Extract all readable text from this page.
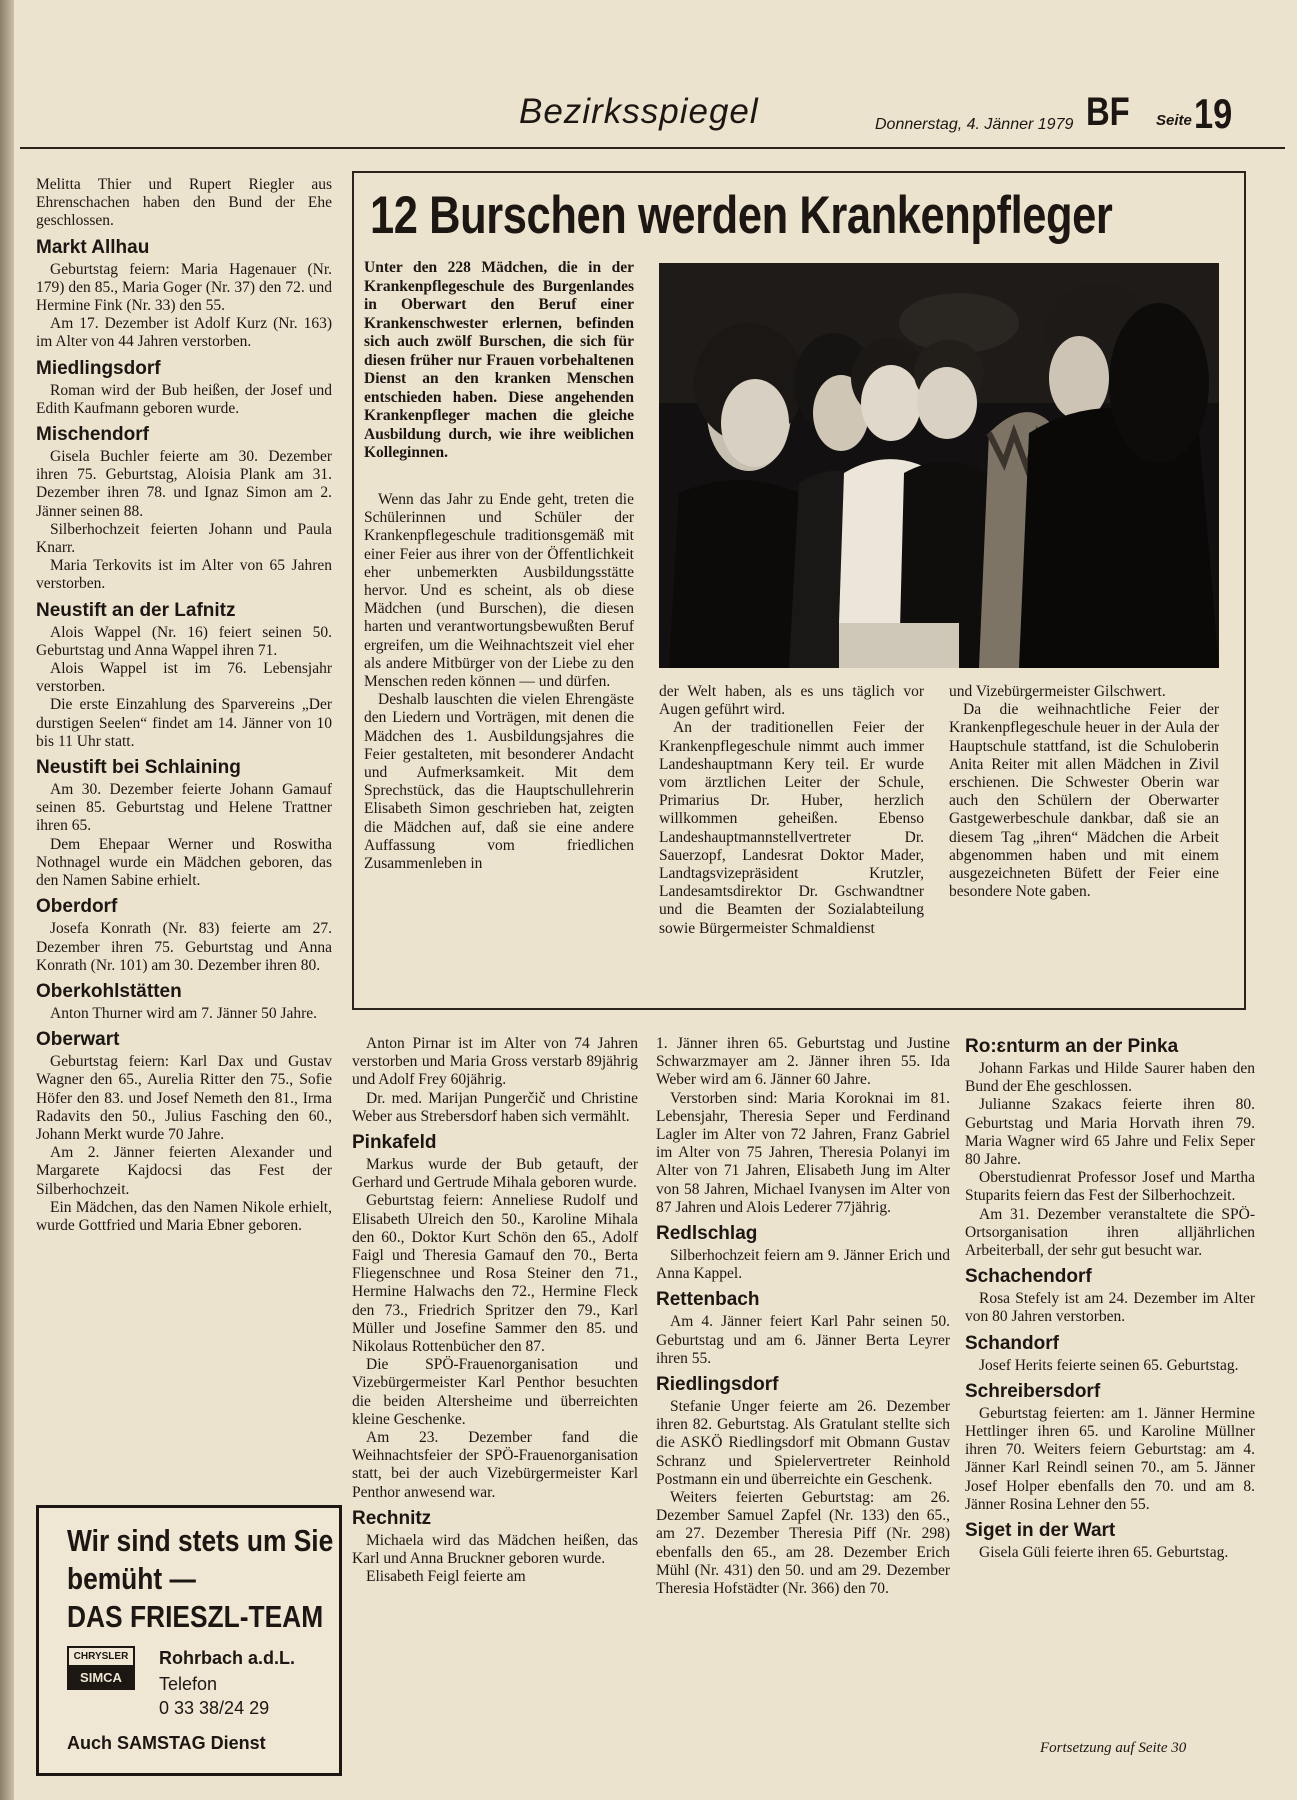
Bezirksspiegel	Donnerstag, 4. Jänner 1979 BF Seite 19

Melitta Thier und Rupert Riegler aus Ehrenschachen haben den Bund der Ehe geschlossen.

Markt Allhau

Geburtstag feiern: Maria Hagenauer (Nr. 179) den 85., Maria Goger (Nr. 37) den 72. und Hermine Fink (Nr. 33) den 55.

Am 17. Dezember ist Adolf Kurz (Nr. 163) im Alter von 44 Jahren verstorben.

Miedlingsdorf

Roman wird der Bub heißen, der Josef und Edith Kaufmann geboren wurde.

Mischendorf

Gisela Buchler feierte am 30. Dezember ihren 75. Geburtstag, Aloisia Plank am 31. Dezember ihren 78. und Ignaz Simon am 2. Jänner seinen 88.

Silberhochzeit feierten Johann und Paula Knarr.

Maria Terkovits ist im Alter von 65 Jahren verstorben.

Neustift an der Lafnitz

Alois Wappel (Nr. 16) feiert seinen 50. Geburtstag und Anna Wappel ihren 71.

Alois Wappel ist im 76. Lebensjahr verstorben.

Die erste Einzahlung des Sparvereins „Der durstigen Seelen“ findet am 14. Jänner von 10 bis 11 Uhr statt.

Neustift bei Schlaining

Am 30. Dezember feierte Johann Gamauf seinen 85. Geburtstag und Helene Trattner ihren 65.

Dem Ehepaar Werner und Roswitha Nothnagel wurde ein Mädchen geboren, das den Namen Sabine erhielt.

Oberdorf

Josefa Konrath (Nr. 83) feierte am 27. Dezember ihren 75. Geburtstag und Anna Konrath (Nr. 101) am 30. Dezember ihren 80.

Oberkohlstätten

Anton Thurner wird am 7. Jänner 50 Jahre.

Oberwart

Geburtstag feiern: Karl Dax und Gustav Wagner den 65., Aurelia Ritter den 75., Sofie Höfer den 83. und Josef Nemeth den 81., Irma Radavits den 50., Julius Fasching den 60., Johann Merkt wurde 70 Jahre.

Am 2. Jänner feierten Alexander und Margarete Kajdocsi das Fest der Silberhochzeit.

Ein Mädchen, das den Namen Nikole erhielt, wurde Gottfried und Maria Ebner geboren.

12 Burschen werden Krankenpfleger
Unter den 228 Mädchen, die in der Krankenpflegeschule des Burgenlandes in Oberwart den Beruf einer Krankenschwester erlernen, befinden sich auch zwölf Burschen, die sich für diesen früher nur Frauen vorbehaltenen Dienst an den kranken Menschen entschieden haben. Diese angehenden Krankenpfleger machen die gleiche Ausbildung durch, wie ihre weiblichen Kolleginnen.

Wenn das Jahr zu Ende geht, treten die Schülerinnen und Schüler der Krankenpflegeschule traditionsgemäß mit einer Feier aus ihrer von der Öffentlichkeit eher unbemerkten Ausbildungsstätte hervor. Und es scheint, als ob diese Mädchen (und Burschen), die diesen harten und verantwortungsbewußten Beruf ergreifen, um die Weihnachtszeit viel eher als andere Mitbürger von der Liebe zu den Menschen reden können — und dürfen.

Deshalb lauschten die vielen Ehrengäste den Liedern und Vorträgen, mit denen die Mädchen des 1. Ausbildungsjahres die Feier gestalteten, mit besonderer Andacht und Aufmerksamkeit. Mit dem Sprechstück, das die Hauptschullehrerin Elisabeth Simon geschrieben hat, zeigten die Mädchen auf, daß sie eine andere Auffassung vom friedlichen Zusammenleben in

der Welt haben, als es uns täglich vor Augen geführt wird.

An der traditionellen Feier der Krankenpflegeschule nimmt auch immer Landeshauptmann Kery teil. Er wurde vom ärztlichen Leiter der Schule, Primarius Dr. Huber, herzlich willkommen geheißen. Ebenso Landeshauptmannstellvertreter Dr. Sauerzopf, Landesrat Doktor Mader, Landtagsvizepräsident Krutzler, Landesamtsdirektor Dr. Gschwandtner und die Beamten der Sozialabteilung sowie Bürgermeister Schmaldienst

und Vizebürgermeister Gilschwert.

Da die weihnachtliche Feier der Krankenpflegeschule heuer in der Aula der Hauptschule stattfand, ist die Schuloberin Anita Reiter mit allen Mädchen in Zivil erschienen. Die Schwester Oberin war auch den Schülern der Oberwarter Gastgewerbeschule dankbar, daß sie an diesem Tag „ihren“ Mädchen die Arbeit abgenommen haben und mit einem ausgezeichneten Büfett der Feier eine besondere Note gaben.

Anton Pirnar ist im Alter von 74 Jahren verstorben und Maria Gross verstarb 89jährig und Adolf Frey 60jährig.

Dr. med. Marijan Pungerčič und Christine Weber aus Strebersdorf haben sich vermählt.

Pinkafeld

Markus wurde der Bub getauft, der Gerhard und Gertrude Mihala geboren wurde.

Geburtstag feiern: Anneliese Rudolf und Elisabeth Ulreich den 50., Karoline Mihala den 60., Doktor Kurt Schön den 65., Adolf Faigl und Theresia Gamauf den 70., Berta Fliegenschnee und Rosa Steiner den 71., Hermine Halwachs den 72., Hermine Fleck den 73., Friedrich Spritzer den 79., Karl Müller und Josefine Sammer den 85. und Nikolaus Rottenbücher den 87.

Die SPÖ-Frauenorganisation und Vizebürgermeister Karl Penthor besuchten die beiden Altersheime und überreichten kleine Geschenke.

Am 23. Dezember fand die Weihnachtsfeier der SPÖ-Frauenorganisation statt, bei der auch Vizebürgermeister Karl Penthor anwesend war.

Rechnitz

Michaela wird das Mädchen heißen, das Karl und Anna Bruckner geboren wurde.

Elisabeth Feigl feierte am

1. Jänner ihren 65. Geburtstag und Justine Schwarzmayer am 2. Jänner ihren 55. Ida Weber wird am 6. Jänner 60 Jahre.

Verstorben sind: Maria Koroknai im 81. Lebensjahr, Theresia Seper und Ferdinand Lagler im Alter von 72 Jahren, Franz Gabriel im Alter von 75 Jahren, Theresia Polanyi im Alter von 71 Jahren, Elisabeth Jung im Alter von 58 Jahren, Michael Ivanysen im Alter von 87 Jahren und Alois Lederer 77jährig.

Redlschlag

Silberhochzeit feiern am 9. Jänner Erich und Anna Kappel.

Rettenbach

Am 4. Jänner feiert Karl Pahr seinen 50. Geburtstag und am 6. Jänner Berta Leyrer ihren 55.

Riedlingsdorf

Stefanie Unger feierte am 26. Dezember ihren 82. Geburtstag. Als Gratulant stellte sich die ASKÖ Riedlingsdorf mit Obmann Gustav Schranz und Spielervertreter Reinhold Postmann ein und überreichte ein Geschenk.

Weiters feierten Geburtstag: am 26. Dezember Samuel Zapfel (Nr. 133) den 65., am 27. Dezember Theresia Piff (Nr. 298) ebenfalls den 65., am 28. Dezember Erich Mühl (Nr. 431) den 50. und am 29. Dezember Theresia Hofstädter (Nr. 366) den 70.

Ro:ɛnturm an der Pinka

Johann Farkas und Hilde Saurer haben den Bund der Ehe geschlossen.

Julianne Szakacs feierte ihren 80. Geburtstag und Maria Horvath ihren 79. Maria Wagner wird 65 Jahre und Felix Seper 80 Jahre.

Oberstudienrat Professor Josef und Martha Stuparits feiern das Fest der Silberhochzeit.

Am 31. Dezember veranstaltete die SPÖ-Ortsorganisation ihren alljährlichen Arbeiterball, der sehr gut besucht war.

Schachendorf

Rosa Stefely ist am 24. Dezember im Alter von 80 Jahren verstorben.

Schandorf

Josef Herits feierte seinen 65. Geburtstag.

Schreibersdorf

Geburtstag feierten: am 1. Jänner Hermine Hettlinger ihren 65. und Karoline Müllner ihren 70. Weiters feiern Geburtstag: am 4. Jänner Karl Reindl seinen 70., am 5. Jänner Josef Holper ebenfalls den 70. und am 8. Jänner Rosina Lehner den 55.

Siget in der Wart

Gisela Güli feierte ihren 65. Geburtstag.

Wir sind stets um Sie
bemüht —
DAS FRIESZL-TEAM
CHRYSLER
SIMCA
Rohrbach a.d.L.
Telefon
0 33 38/24 29
Auch SAMSTAG Dienst	Fortsetzung auf Seite 30
